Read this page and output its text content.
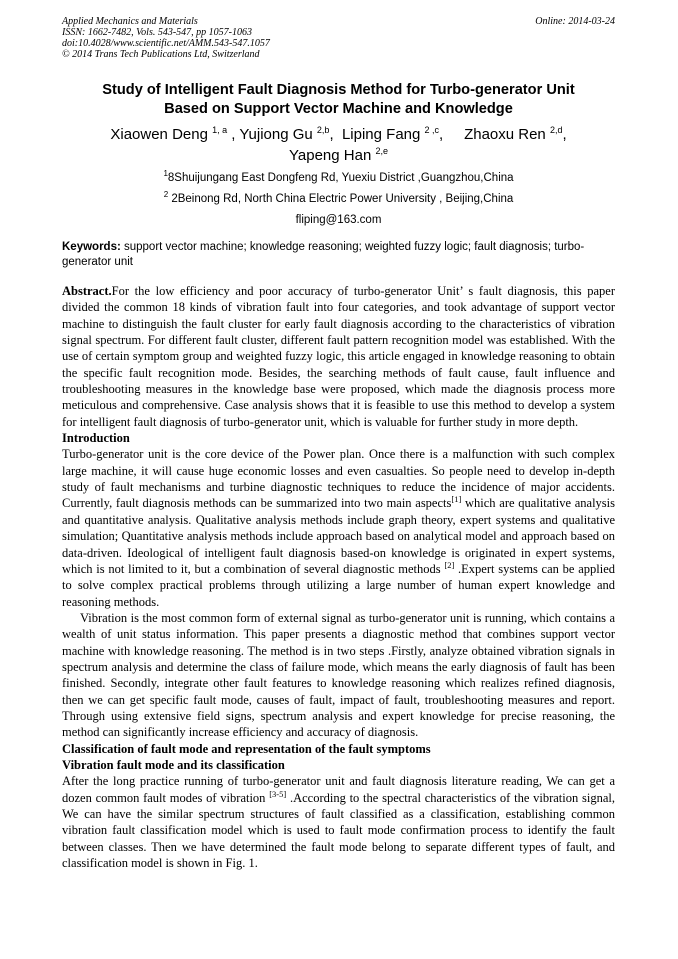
Applied Mechanics and Materials
ISSN: 1662-7482, Vols. 543-547, pp 1057-1063
doi:10.4028/www.scientific.net/AMM.543-547.1057
© 2014 Trans Tech Publications Ltd, Switzerland
Online: 2014-03-24
Study of Intelligent Fault Diagnosis Method for Turbo-generator Unit
Based on Support Vector Machine and Knowledge
Xiaowen Deng $^{1, a}$ , Yujiong Gu $^{2,b}$,  Liping Fang $^{2 ,c}$,     Zhaoxu Ren $^{2,d}$,
Yapeng Han $^{2,e}$
$^1$8Shuijungang East Dongfeng Rd, Yuexiu District ,Guangzhou,China
$^2$ 2Beinong Rd, North China Electric Power University , Beijing,China
fliping@163.com
Keywords: support vector machine; knowledge reasoning; weighted fuzzy logic; fault diagnosis; turbo-generator unit

Abstract.For the low efficiency and poor accuracy of turbo-generator Unit’ s fault diagnosis, this paper divided the common 18 kinds of vibration fault into four categories, and took advantage of support vector machine to distinguish the fault cluster for early fault diagnosis according to the characteristics of vibration signal spectrum. For different fault cluster, different fault pattern recognition model was established. With the use of certain symptom group and weighted fuzzy logic, this article engaged in knowledge reasoning to obtain the specific fault recognition mode. Besides, the searching methods of fault cause, fault influence and troubleshooting measures in the knowledge base were proposed, which made the diagnosis process more meticulous and comprehensive. Case analysis shows that it is feasible to use this method to develop a system for intelligent fault diagnosis of turbo-generator unit, which is valuable for further study in more depth.

Introduction

Turbo-generator unit is the core device of the Power plan. Once there is a malfunction with such complex large machine, it will cause huge economic losses and even casualties. So people need to develop in-depth study of fault mechanisms and turbine diagnostic techniques to reduce the incidence of major accidents. Currently, fault diagnosis methods can be summarized into two main aspects[1] which are qualitative analysis and quantitative analysis. Qualitative analysis methods include graph theory, expert systems and qualitative simulation; Quantitative analysis methods include approach based on analytical model and approach based on data-driven. Ideological of intelligent fault diagnosis based-on knowledge is originated in expert systems, which is not limited to it, but a combination of several diagnostic methods [2] .Expert systems can be applied to solve complex practical problems through utilizing a large number of human expert knowledge and reasoning methods.

Vibration is the most common form of external signal as turbo-generator unit is running, which contains a wealth of unit status information. This paper presents a diagnostic method that combines support vector machine with knowledge reasoning. The method is in two steps .Firstly, analyze obtained vibration signals in spectrum analysis and determine the class of failure mode, which means the early diagnosis of fault has been finished. Secondly, integrate other fault features to knowledge reasoning which realizes refined diagnosis, then we can get specific fault mode, causes of fault, impact of fault, troubleshooting measures and report. Through using extensive field signs, spectrum analysis and expert knowledge for precise reasoning, the method can significantly increase efficiency and accuracy of diagnosis.

Classification of fault mode and representation of the fault symptoms
Vibration fault mode and its classification

After the long practice running of turbo-generator unit and fault diagnosis literature reading, We can get a dozen common fault modes of vibration [3-5] .According to the spectral characteristics of the vibration signal, We can have the similar spectrum structures of fault classified as a classification, establishing common vibration fault classification model which is used to fault mode confirmation process to identify the fault between classes. Then we have determined the fault mode belong to separate different types of fault, and classification model is shown in Fig. 1.
